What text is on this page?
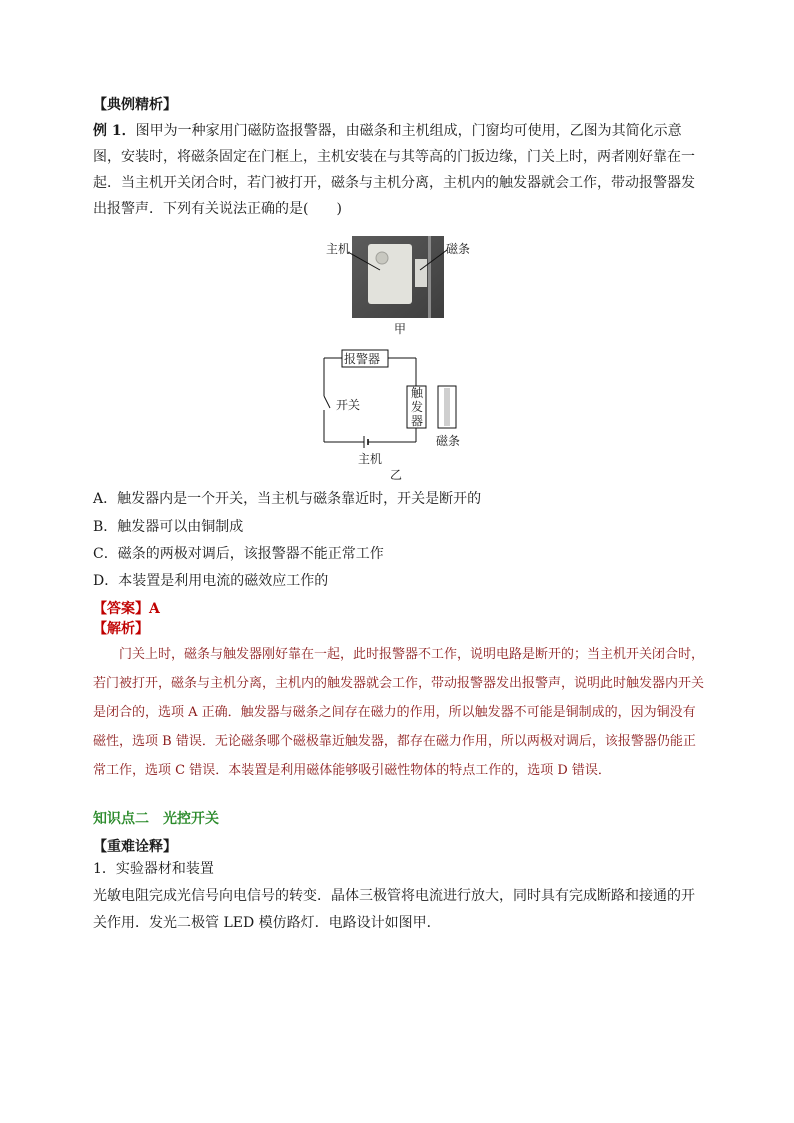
【典例精析】
例 1．图甲为一种家用门磁防盗报警器，由磁条和主机组成，门窗均可使用，乙图为其简化示意图，安装时，将磁条固定在门框上，主机安装在与其等高的门扳边缘，门关上时，两者刚好靠在一起．当主机开关闭合时，若门被打开，磁条与主机分离，主机内的触发器就会工作，带动报警器发出报警声．下列有关说法正确的是(　　)
主机	磁条
甲
报警器
开关
触发器
磁条
主机
乙
A．触发器内是一个开关，当主机与磁条靠近时，开关是断开的
B．触发器可以由铜制成
C．磁条的两极对调后，该报警器不能正常工作
D．本装置是利用电流的磁效应工作的
【答案】A
【解析】
门关上时，磁条与触发器刚好靠在一起，此时报警器不工作，说明电路是断开的；当主机开关闭合时，若门被打开，磁条与主机分离，主机内的触发器就会工作，带动报警器发出报警声，说明此时触发器内开关是闭合的，选项 A 正确．触发器与磁条之间存在磁力的作用，所以触发器不可能是铜制成的，因为铜没有磁性，选项 B 错误．无论磁条哪个磁极靠近触发器，都存在磁力作用，所以两极对调后，该报警器仍能正常工作，选项 C 错误．本装置是利用磁体能够吸引磁性物体的特点工作的，选项 D 错误．
知识点二　光控开关
【重难诠释】
1．实验器材和装置
光敏电阻完成光信号向电信号的转变．晶体三极管将电流进行放大，同时具有完成断路和接通的开
关作用．发光二极管 LED 模仿路灯．电路设计如图甲．
